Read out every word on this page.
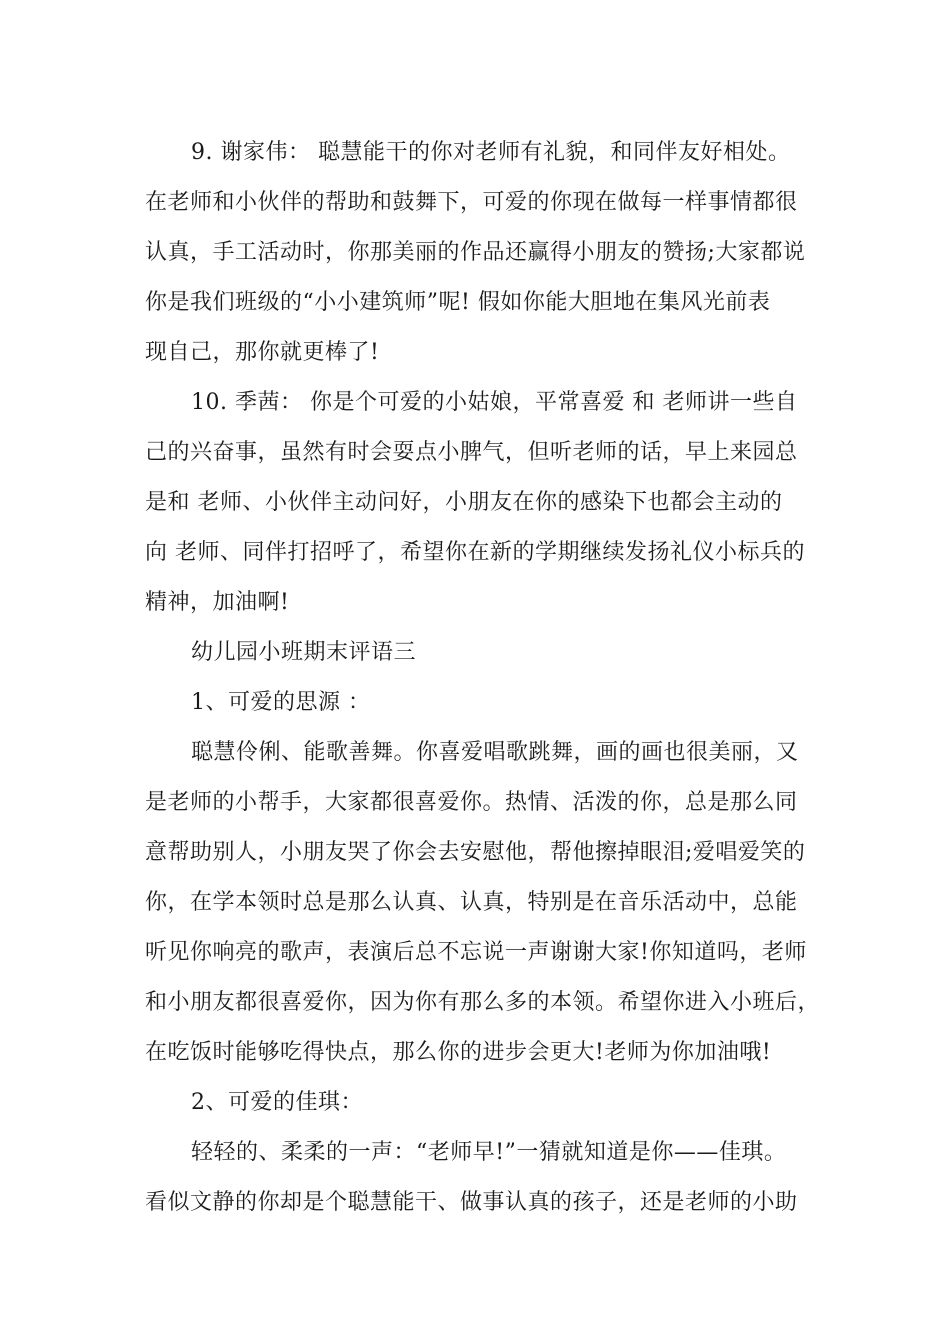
9. 谢家伟： 聪慧能干的你对老师有礼貌，和同伴友好相处。
在老师和小伙伴的帮助和鼓舞下，可爱的你现在做每一样事情都很
认真，手工活动时，你那美丽的作品还赢得小朋友的赞扬;大家都说
你是我们班级的“小小建筑师”呢! 假如你能大胆地在集风光前表
现自己，那你就更棒了!
10. 季茜： 你是个可爱的小姑娘，平常喜爱 和 老师讲一些自
己的兴奋事，虽然有时会耍点小脾气，但听老师的话，早上来园总
是和 老师、小伙伴主动问好，小朋友在你的感染下也都会主动的
向 老师、同伴打招呼了，希望你在新的学期继续发扬礼仪小标兵的
精神，加油啊!
幼儿园小班期末评语三
1、可爱的思源 ：
聪慧伶俐、能歌善舞。你喜爱唱歌跳舞，画的画也很美丽，又
是老师的小帮手，大家都很喜爱你。热情、活泼的你，总是那么同
意帮助别人，小朋友哭了你会去安慰他，帮他擦掉眼泪;爱唱爱笑的
你，在学本领时总是那么认真、认真，特别是在音乐活动中，总能
听见你响亮的歌声，表演后总不忘说一声谢谢大家!你知道吗，老师
和小朋友都很喜爱你，因为你有那么多的本领。希望你进入小班后，
在吃饭时能够吃得快点，那么你的进步会更大!老师为你加油哦!
2、可爱的佳琪：
轻轻的、柔柔的一声：“老师早!”一猜就知道是你——佳琪。
看似文静的你却是个聪慧能干、做事认真的孩子，还是老师的小助
